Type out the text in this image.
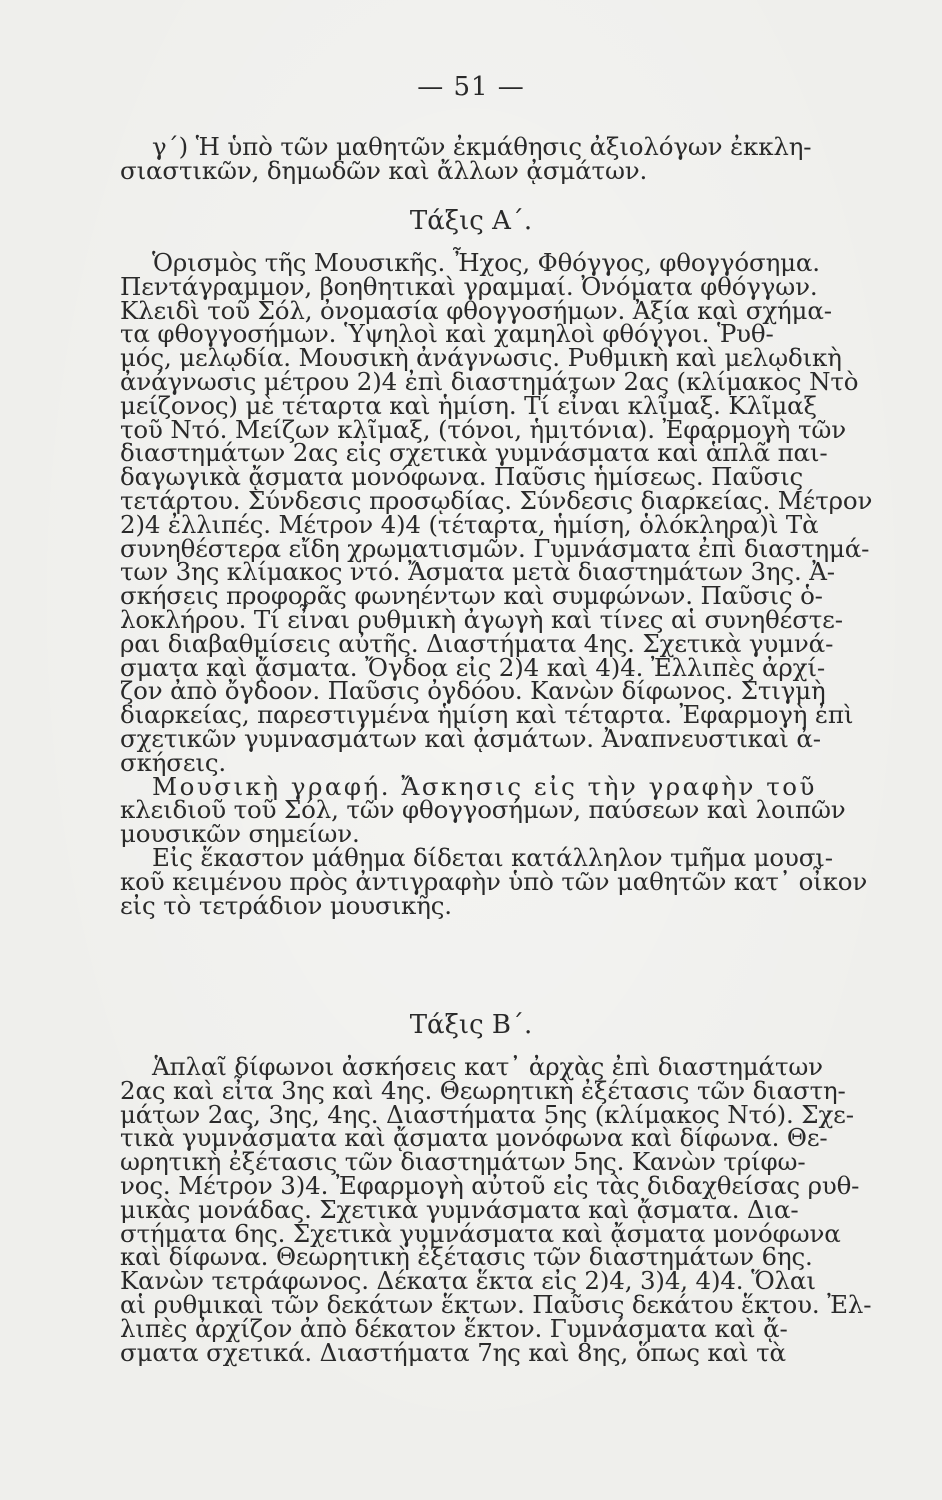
— 51 —
γ΄) Ἡ ὑπὸ τῶν μαθητῶν ἐκμάθησις ἀξιολόγων ἐκκλη-
σιαστικῶν, δημωδῶν καὶ ἄλλων ᾀσμάτων.
Τάξις Α΄.
Ὁρισμὸς τῆς Μουσικῆς. Ἦχος, Φθόγγος, φθογγόσημα.
Πεντάγραμμον, βοηθητικαὶ γραμμαί. Ὀνόματα φθόγγων.
Κλειδὶ τοῦ Σόλ, ὀνομασία φθογγοσήμων. Ἀξία καὶ σχήμα-
τα φθογγοσήμων. Ὑψηλοὶ καὶ χαμηλοὶ φθόγγοι. Ῥυθ-
μός, μελῳδία. Μουσικὴ ἀνάγνωσις. Ρυθμικὴ καὶ μελῳδικὴ
ἀνάγνωσις μέτρου 2)4 ἐπὶ διαστημάτων 2ας (κλίμακος Ντὸ
μείζονος) μὲ τέταρτα καὶ ἡμίση. Τί εἶναι κλῖμαξ. Κλῖμαξ
τοῦ Ντό. Μείζων κλῖμαξ, (τόνοι, ἡμιτόνια). Ἐφαρμογὴ τῶν
διαστημάτων 2ας εἰς σχετικὰ γυμνάσματα καὶ ἁπλᾶ παι-
δαγωγικὰ ᾄσματα μονόφωνα. Παῦσις ἡμίσεως. Παῦσις
τετάρτου. Σύνδεσις προσῳδίας. Σύνδεσις διαρκείας. Μέτρον
2)4 ἐλλιπές. Μέτρον 4)4 (τέταρτα, ἡμίση, ὁλόκληρα)ὶ Τὰ
συνηθέστερα εἴδη χρωματισμῶν. Γυμνάσματα ἐπὶ διαστημά-
των 3ης κλίμακος ντό. Ἄσματα μετὰ διαστημάτων 3ης. Ἀ-
σκήσεις προφορᾶς φωνηέντων καὶ συμφώνων. Παῦσις ὁ-
λοκλήρου. Τί εἶναι ρυθμικὴ ἀγωγὴ καὶ τίνες αἱ συνηθέστε-
ραι διαβαθμίσεις αὐτῆς. Διαστήματα 4ης. Σχετικὰ γυμνά-
σματα καὶ ᾄσματα. Ὄγδοα εἰς 2)4 καὶ 4)4. Ἐλλιπὲς ἀρχί-
ζον ἀπὸ ὄγδοον. Παῦσις ὀγδόου. Κανὼν δίφωνος. Στιγμὴ
διαρκείας, παρεστιγμένα ἡμίση καὶ τέταρτα. Ἐφαρμογὴ ἐπὶ
σχετικῶν γυμνασμάτων καὶ ᾀσμάτων. Ἀναπνευστικαὶ ἀ-
σκήσεις.
Μουσικὴ γραφή. Ἄσκησις εἰς τὴν γραφὴν τοῦ
κλειδιοῦ τοῦ Σόλ, τῶν φθογγοσήμων, παύσεων καὶ λοιπῶν
μουσικῶν σημείων.
Εἰς ἕκαστον μάθημα δίδεται κατάλληλον τμῆμα μουσι-
κοῦ κειμένου πρὸς ἀντιγραφὴν ὑπὸ τῶν μαθητῶν κατ᾽ οἶκον
εἰς τὸ τετράδιον μουσικῆς.
Τάξις Β΄.
Ἁπλαῖ δίφωνοι ἀσκήσεις κατ᾽ ἀρχὰς ἐπὶ διαστημάτων
2ας καὶ εἶτα 3ης καὶ 4ης. Θεωρητικὴ ἐξέτασις τῶν διαστη-
μάτων 2ας, 3ης, 4ης. Διαστήματα 5ης (κλίμακος Ντό). Σχε-
τικὰ γυμνάσματα καὶ ᾄσματα μονόφωνα καὶ δίφωνα. Θε-
ωρητικὴ ἐξέτασις τῶν διαστημάτων 5ης. Κανὼν τρίφω-
νος. Μέτρον 3)4. Ἐφαρμογὴ αὐτοῦ εἰς τὰς διδαχθείσας ρυθ-
μικὰς μονάδας. Σχετικὰ γυμνάσματα καὶ ᾄσματα. Δια-
στήματα 6ης. Σχετικὰ γυμνάσματα καὶ ᾄσματα μονόφωνα
καὶ δίφωνα. Θεωρητικὴ ἐξέτασις τῶν διαστημάτων 6ης.
Κανὼν τετράφωνος. Δέκατα ἕκτα εἰς 2)4, 3)4, 4)4. Ὅλαι
αἱ ρυθμικαὶ τῶν δεκάτων ἕκτων. Παῦσις δεκάτου ἕκτου. Ἐλ-
λιπὲς ἀρχίζον ἀπὸ δέκατον ἕκτον. Γυμνάσματα καὶ ᾄ-
σματα σχετικά. Διαστήματα 7ης καὶ 8ης, ὅπως καὶ τὰ
